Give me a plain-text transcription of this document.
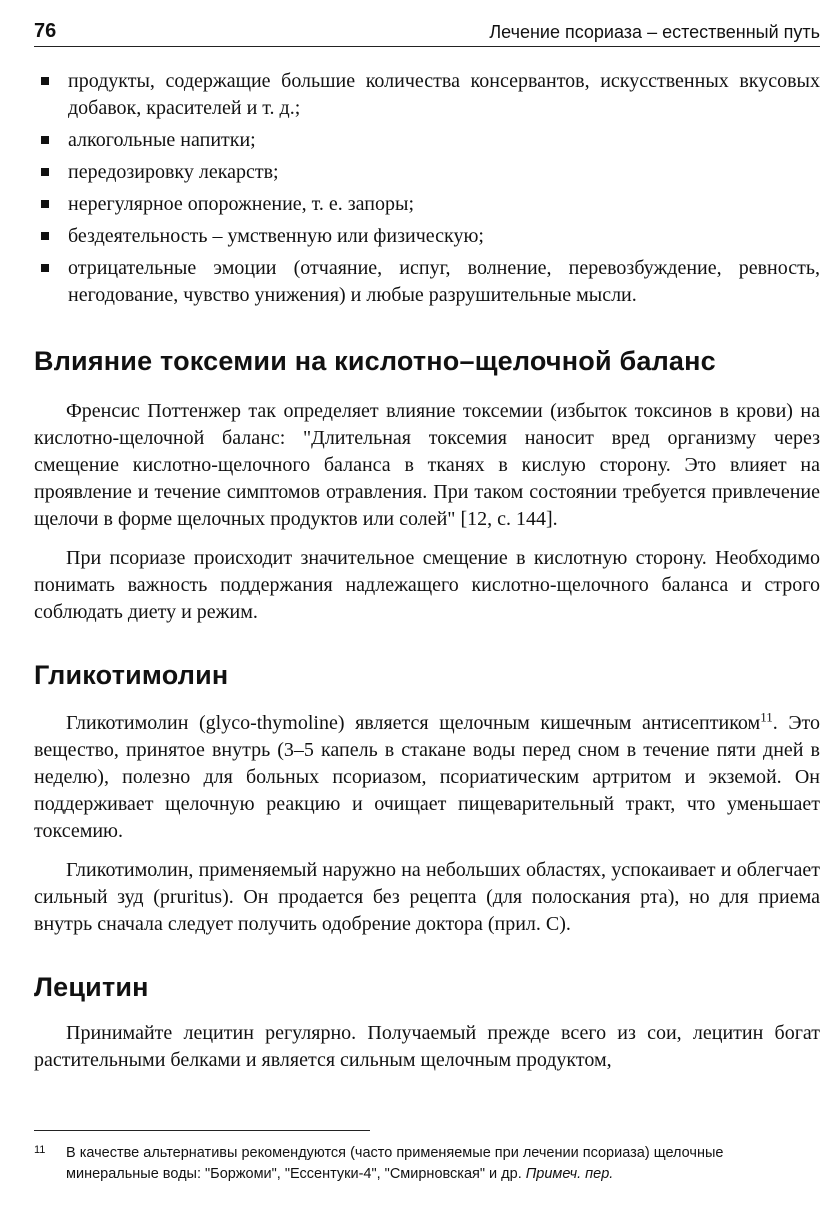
76	Лечение псориаза – естественный путь
продукты, содержащие большие количества консервантов, искусственных вкусовых добавок, красителей и т. д.;
алкогольные напитки;
передозировку лекарств;
нерегулярное опорожнение, т. е. запоры;
бездеятельность – умственную или физическую;
отрицательные эмоции (отчаяние, испуг, волнение, перевозбуждение, ревность, негодование, чувство унижения) и любые разрушительные мысли.
Влияние токсемии на кислотно–щелочной баланс

Френсис Поттенжер так определяет влияние токсемии (избыток токсинов в крови) на кислотно-щелочной баланс: "Длительная токсемия наносит вред организму через смещение кислотно-щелочного баланса в тканях в кислую сторону. Это влияет на проявление и течение симптомов отравления. При таком состоянии требуется привлечение щелочи в форме щелочных продуктов или солей" [12, с. 144].

При псориазе происходит значительное смещение в кислотную сторону. Необходимо понимать важность поддержания надлежащего кислотно-щелочного баланса и строго соблюдать диету и режим.

Гликотимолин

Гликотимолин (glyco-thymoline) является щелочным кишечным антисептиком$^{11}$. Это вещество, принятое внутрь (3–5 капель в стакане воды перед сном в течение пяти дней в неделю), полезно для больных псориазом, псориатическим артритом и экземой. Он поддерживает щелочную реакцию и очищает пищеварительный тракт, что уменьшает токсемию.

Гликотимолин, применяемый наружно на небольших областях, успокаивает и облегчает сильный зуд (pruritus). Он продается без рецепта (для полоскания рта), но для приема внутрь сначала следует получить одобрение доктора (прил. С).

Лецитин

Принимайте лецитин регулярно. Получаемый прежде всего из сои, лецитин богат растительными белками и является сильным щелочным продуктом,

11	В качестве альтернативы рекомендуются (часто применяемые при лечении псориаза) щелочные минеральные воды: "Боржоми", "Ессентуки-4", "Смирновская" и др. Примеч. пер.
